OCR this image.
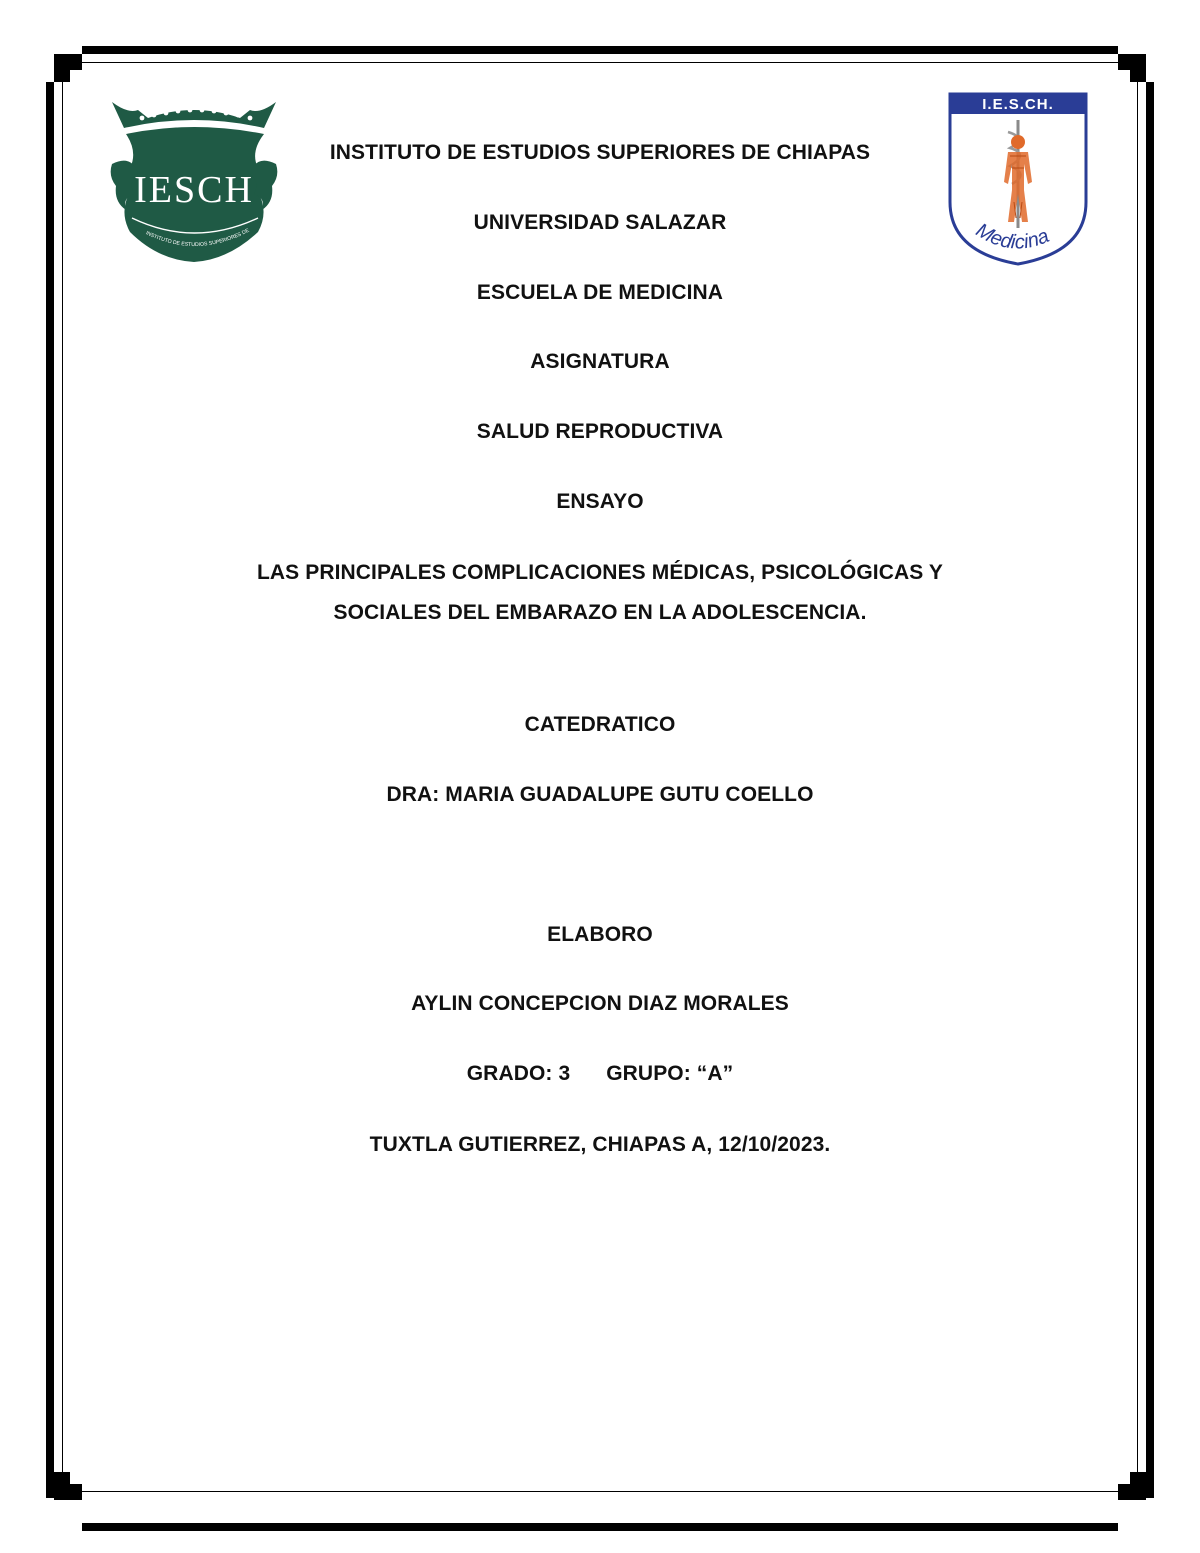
IESCH
INSTITUTO DE ESTUDIOS SUPERIORES DE
I.E.S.CH.
Medicina
INSTITUTO DE ESTUDIOS SUPERIORES DE CHIAPAS
UNIVERSIDAD SALAZAR
ESCUELA DE MEDICINA
ASIGNATURA
SALUD REPRODUCTIVA
ENSAYO
LAS PRINCIPALES COMPLICACIONES MÉDICAS, PSICOLÓGICAS Y
SOCIALES DEL EMBARAZO EN LA ADOLESCENCIA.
CATEDRATICO
DRA: MARIA GUADALUPE GUTU COELLO
ELABORO
AYLIN CONCEPCION DIAZ MORALES
GRADO: 3 GRUPO: “A”
TUXTLA GUTIERREZ, CHIAPAS A, 12/10/2023.
